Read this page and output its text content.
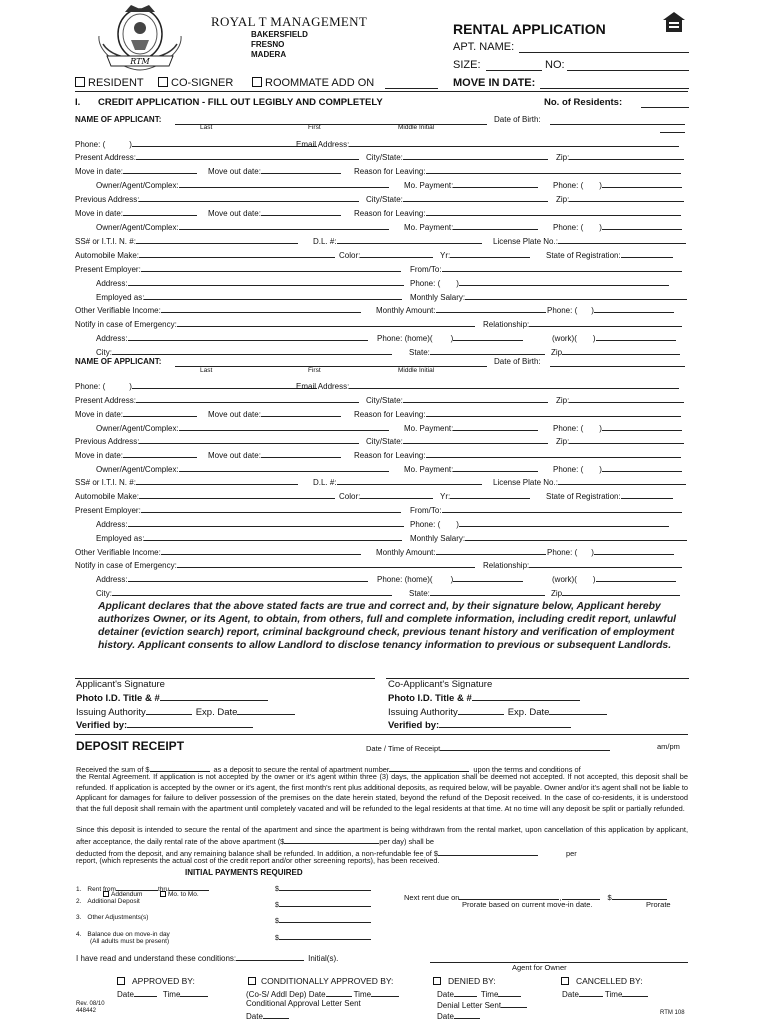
RTM
ROYAL T MANAGEMENT
BAKERSFIELD
FRESNO
MADERA
RENTAL APPLICATION
APT. NAME:
SIZE:	NO:
RESIDENT	CO-SIGNER	ROOMMATE ADD ON	MOVE IN DATE:
I. CREDIT APPLICATION - FILL OUT LEGIBLY AND COMPLETELY	No. of Residents:
NAME OF APPLICANT:	Date of Birth:
Last	First	Middle Initial
Phone: (	)	Email Address:
Present Address:	City/State:	Zip:
Move in date:	Move out date:	Reason for Leaving:
Owner/Agent/Complex:	Mo. Payment:	Phone: ( )
Previous Address:	City/State:	Zip:
Move in date:	Move out date:	Reason for Leaving:
Owner/Agent/Complex:	Mo. Payment:	Phone: ( )
SS# or I.T.I. N. #:	D.L. #:	License Plate No.:
Automobile Make:	Color:	Yr:	State of Registration:
Present Employer:	From/To:
Address:	Phone: ( )
Employed as:	Monthly Salary:
Other Verifiable Income:	Monthly Amount:	Phone: ( )
Notify in case of Emergency:	Relationship:
Address:	Phone: (home)( )	(work)( )
City:	State:	Zip
NAME OF APPLICANT:	Date of Birth:
Last	First	Middle Initial
Phone: (	)	Email Address:
Present Address:	City/State:	Zip:
Move in date:	Move out date:	Reason for Leaving:
Owner/Agent/Complex:	Mo. Payment:	Phone: ( )
Previous Address:	City/State:	Zip:
Move in date:	Move out date:	Reason for Leaving:
Owner/Agent/Complex:	Mo. Payment:	Phone: ( )
SS# or I.T.I. N. #:	D.L. #:	License Plate No.:
Automobile Make:	Color:	Yr:	State of Registration:
Present Employer:	From/To:
Address:	Phone: ( )
Employed as:	Monthly Salary:
Other Verifiable Income:	Monthly Amount:	Phone: ( )
Notify in case of Emergency:	Relationship:
Address:	Phone: (home)( )	(work)( )
City:	State:	Zip
Applicant declares that the above stated facts are true and correct and, by their signature below, Applicant hereby authorizes Owner, or its Agent, to obtain, from others, full and complete information, including credit report, unlawful detainer (eviction search) report, criminal background check, previous tenant history and verification of employment history. Applicant consents to allow Landlord to disclose tenancy information to previous or subsequent Landlords.
Applicant's Signature	Co-Applicant's Signature
Photo I.D. Title & #	Photo I.D. Title & #
Issuing Authority	Exp. Date	Issuing Authority	Exp. Date
Verified by:	Verified by:
DEPOSIT RECEIPT	Date / Time of Receipt	am/pm
Received the sum of $	as a deposit to secure the rental of apartment number	upon the terms and conditions of
the Rental Agreement. If application is not accepted by the owner or it's agent within three (3) days, the application shall be deemed not accepted. If not accepted, this deposit shall be refunded. If application is accepted by the owner or it's agent, the first month's rent plus additional deposits, as required below, will be payable. Owner and/or it's agent shall not be liable to Applicant for damages for failure to deliver possession of the premises on the date herein stated, beyond the refund of the Deposit received. In the case of co-residents, it is understood that the full deposit shall remain with the apartment until completely vacated and will be refunded to the legal residents at that time. At no time will any deposit be split or partially refunded.
Since this deposit is intended to secure the rental of the apartment and since the apartment is being withdrawn from the rental market, upon cancellation of this application by applicant, after acceptance, the daily rental rate of the above apartment ($	per day) shall be
deducted from the deposit, and any remaining balance shall be refunded. In addition, a non-refundable fee of $	per
report, (which represents the actual cost of the credit report and/or other screening reports), has been received.
INITIAL PAYMENTS REQUIRED
1. Rent from	thru
Addendum	Mo. to Mo.
$
2. Additional Deposit
$
3. Other Adjustments(s)
$
4. Balance due on move-in day
(All adults must be present)	$
Next rent due on	,	$
Prorate based on current move-in date.	Prorate
I have read and understand these conditions:	Initial(s).
Agent for Owner
APPROVED BY:	CONDITIONALLY APPROVED BY:	DENIED BY:	CANCELLED BY:
Date	Time	(Co-S/ Addl Dep) Date	Time	Date	Time	Date	Time
Conditional Approval Letter Sent	Denial Letter Sent
Date	Date
Rev. 08/10
448442	RTM 108
